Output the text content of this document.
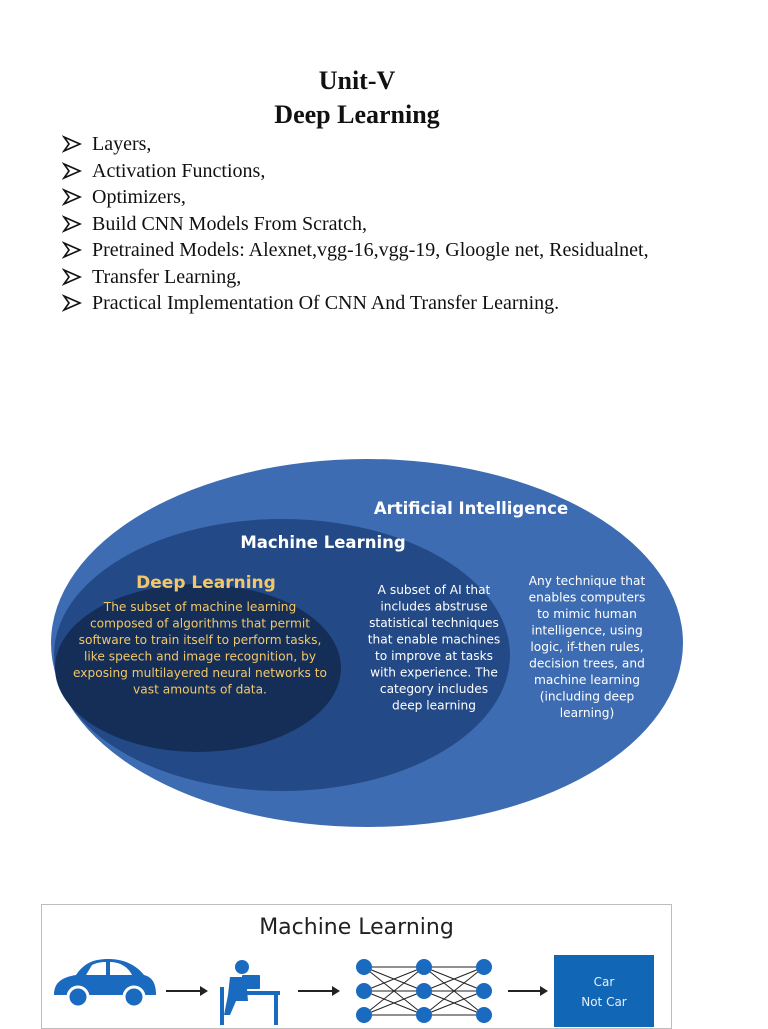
Unit-V
Deep Learning
Layers,
Activation Functions,
Optimizers,
Build CNN Models From Scratch,
Pretrained Models: Alexnet,vgg-16,vgg-19, Gloogle net, Residualnet,
Transfer Learning,
Practical Implementation Of CNN And Transfer Learning.
Artificial Intelligence
Machine Learning
Deep Learning
The subset of machine learning
composed of algorithms that permit
software to train itself to perform tasks,
like speech and image recognition, by
exposing multilayered neural networks to
vast amounts of data.
A subset of AI that
includes abstruse
statistical techniques
that enable machines
to improve at tasks
with experience. The
category includes
deep learning
Any technique that
enables computers
to mimic human
intelligence, using
logic, if-then rules,
decision trees, and
machine learning
(including deep
learning)
Machine Learning
Car
Not Car
